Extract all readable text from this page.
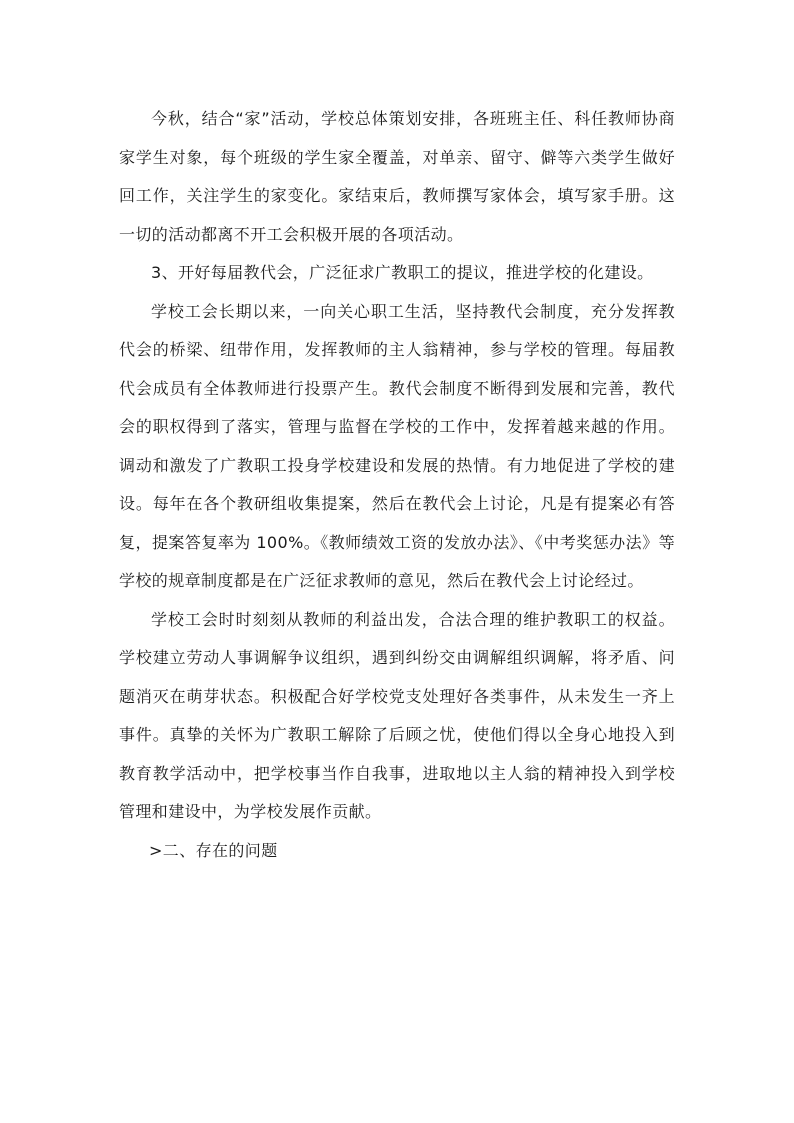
今秋，结合“家”活动，学校总体策划安排，各班班主任、科任教师协商家学生对象，每个班级的学生家全覆盖，对单亲、留守、僻等六类学生做好回工作，关注学生的家变化。家结束后，教师撰写家体会，填写家手册。这一切的活动都离不开工会积极开展的各项活动。

3、开好每届教代会，广泛征求广教职工的提议，推进学校的化建设。

学校工会长期以来，一向关心职工生活，坚持教代会制度，充分发挥教代会的桥梁、纽带作用，发挥教师的主人翁精神，参与学校的管理。每届教代会成员有全体教师进行投票产生。教代会制度不断得到发展和完善，教代会的职权得到了落实，管理与监督在学校的工作中，发挥着越来越的作用。调动和激发了广教职工投身学校建设和发展的热情。有力地促进了学校的建设。每年在各个教研组收集提案，然后在教代会上讨论，凡是有提案必有答复，提案答复率为 100%。《教师绩效工资的发放办法》、《中考奖惩办法》等学校的规章制度都是在广泛征求教师的意见，然后在教代会上讨论经过。

学校工会时时刻刻从教师的利益出发，合法合理的维护教职工的权益。学校建立劳动人事调解争议组织，遇到纠纷交由调解组织调解，将矛盾、问题消灭在萌芽状态。积极配合好学校党支处理好各类事件，从未发生一齐上事件。真挚的关怀为广教职工解除了后顾之忧，使他们得以全身心地投入到教育教学活动中，把学校事当作自我事，进取地以主人翁的精神投入到学校管理和建设中，为学校发展作贡献。

>二、存在的问题
